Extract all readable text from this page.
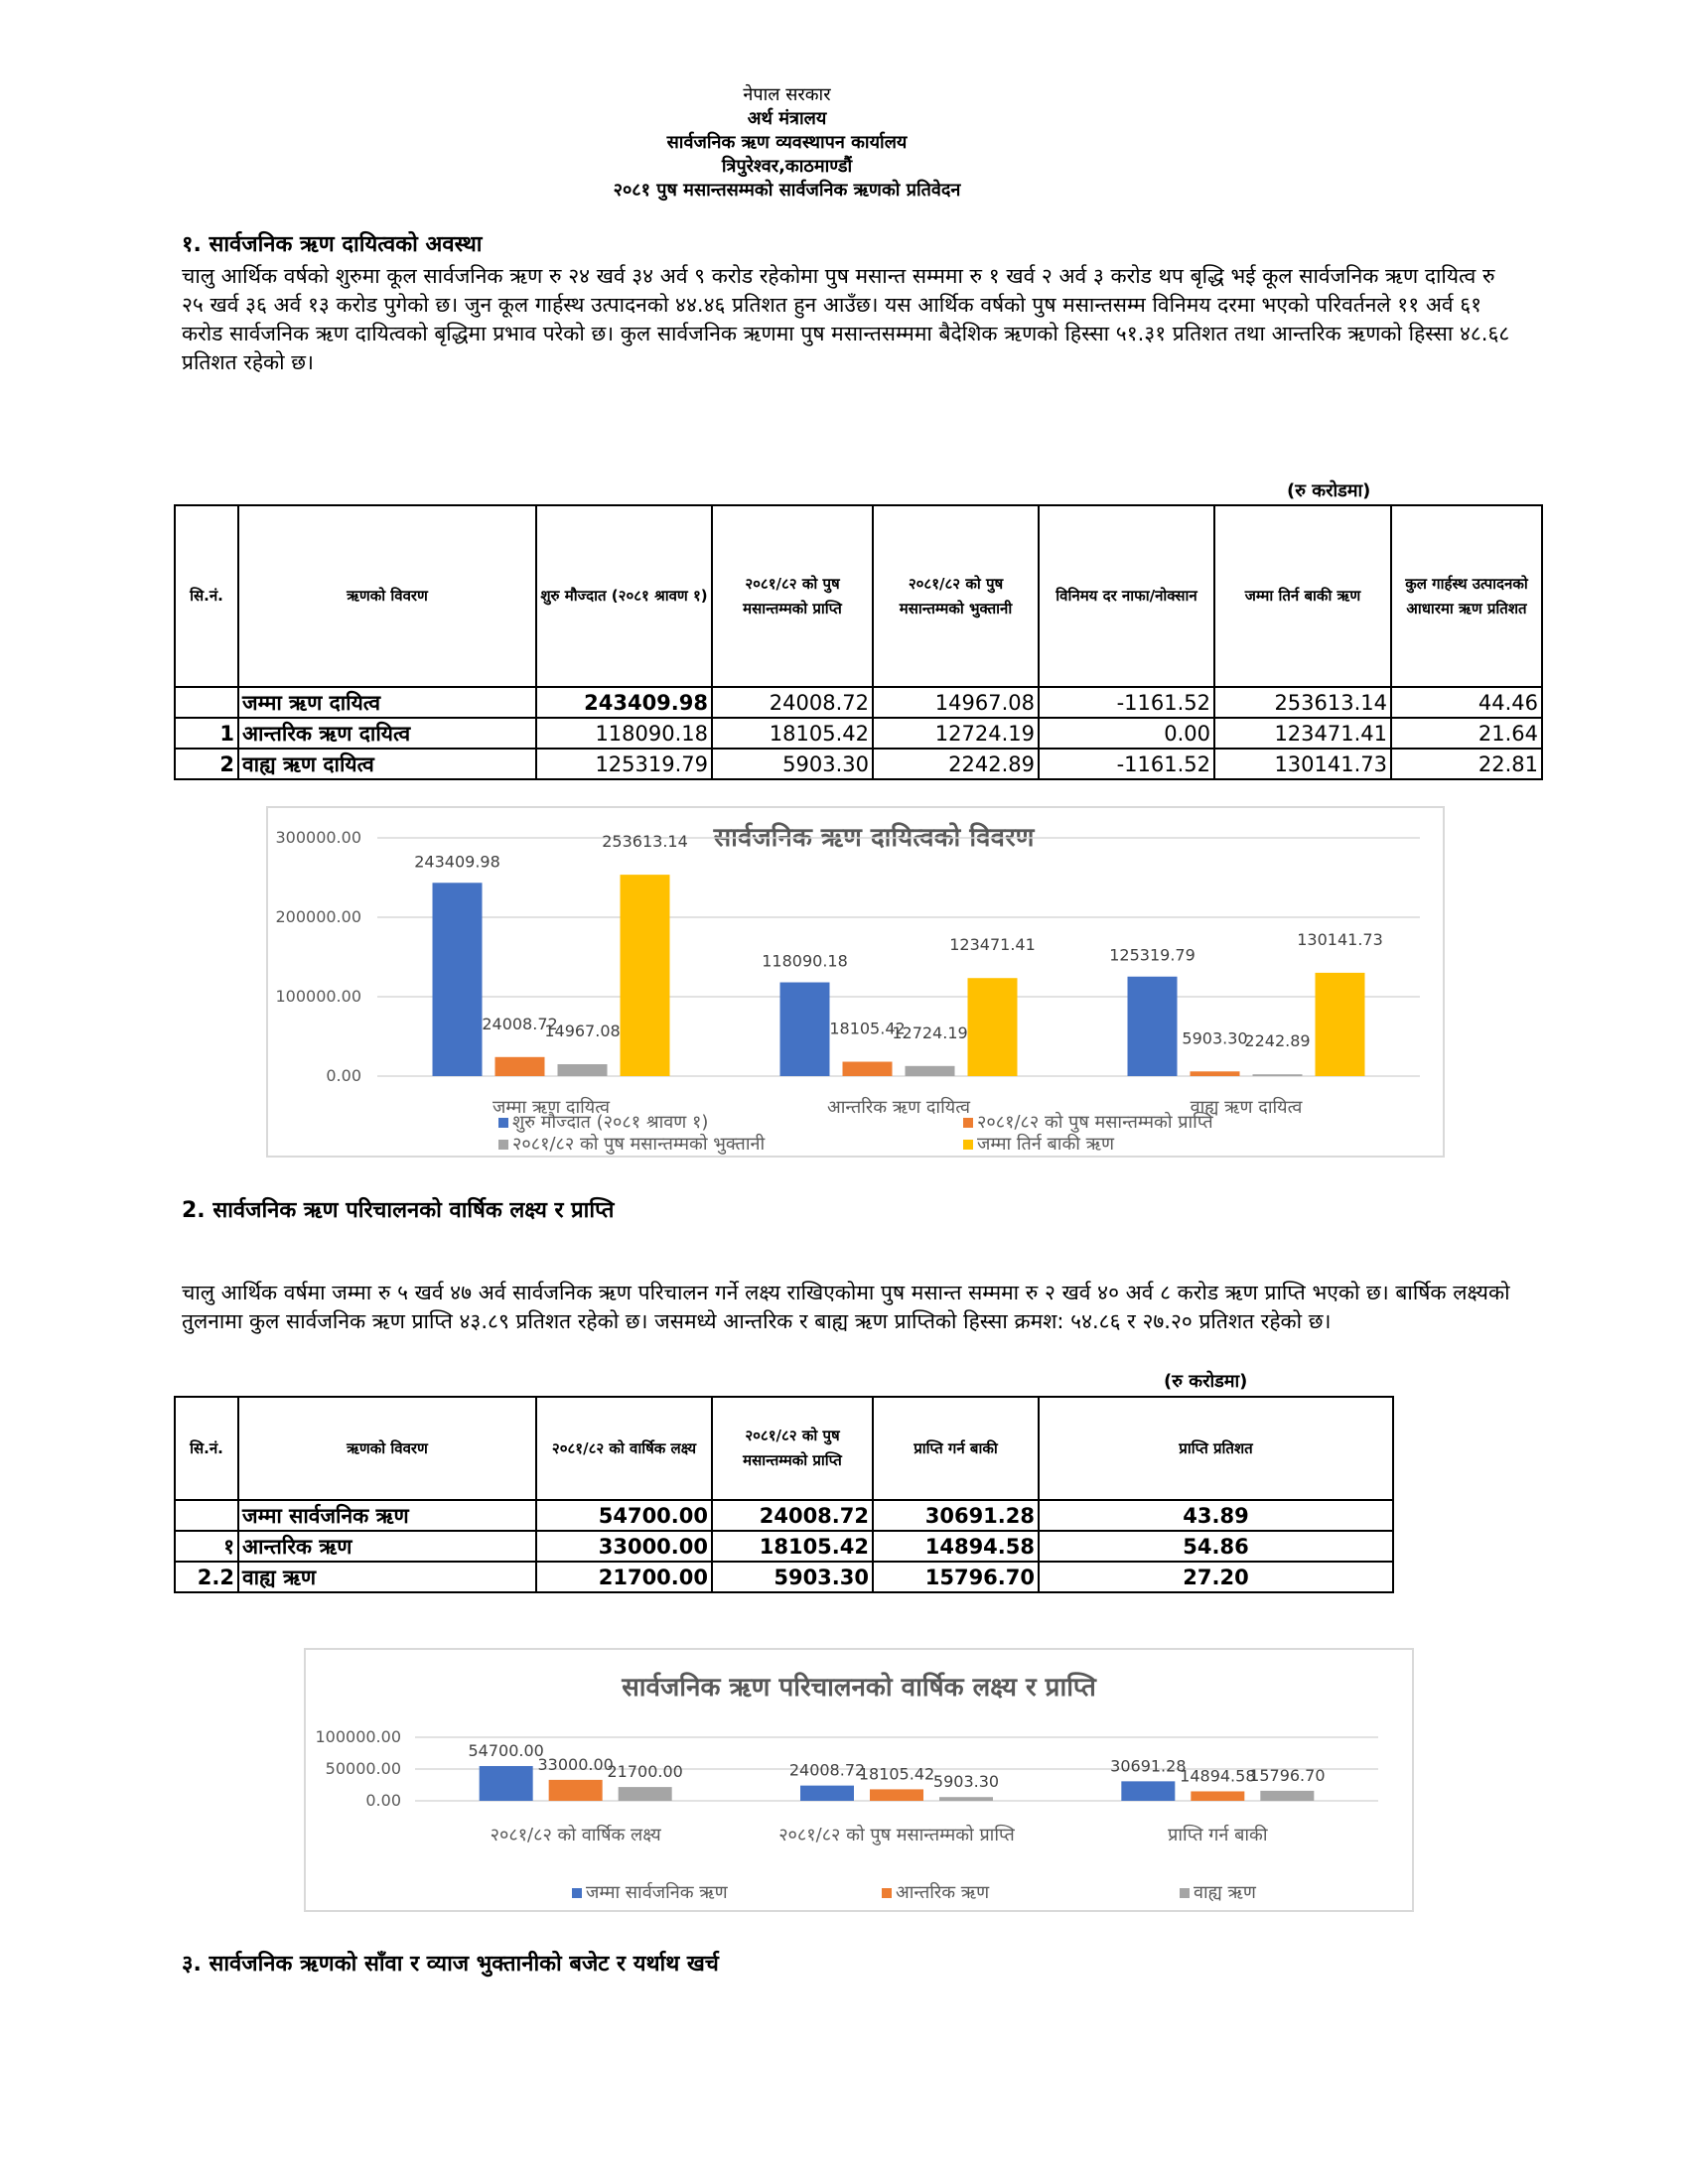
नेपाल सरकार
अर्थ मंत्रालय
सार्वजनिक ऋण व्यवस्थापन कार्यालय
त्रिपुरेश्वर,काठमाण्डौं
२०८१ पुष मसान्तसम्मको सार्वजनिक ऋणको प्रतिवेदन
१. सार्वजनिक ऋण दायित्वको अवस्था
चालु आर्थिक वर्षको शुरुमा कूल सार्वजनिक ऋण रु २४ खर्व ३४ अर्व ९ करोड रहेकोमा पुष मसान्त सम्ममा रु १ खर्व २ अर्व ३ करोड थप बृद्धि भई कूल सार्वजनिक ऋण दायित्व रु २५ खर्व ३६ अर्व १३ करोड पुगेको छ। जुन कूल गार्हस्थ उत्पादनको ४४.४६ प्रतिशत हुन आउँछ। यस आर्थिक वर्षको पुष मसान्तसम्म विनिमय दरमा भएको परिवर्तनले ११ अर्व ६१ करोड सार्वजनिक ऋण दायित्वको बृद्धिमा प्रभाव परेको छ। कुल सार्वजनिक ऋणमा पुष मसान्तसम्ममा बैदेशिक ऋणको हिस्सा ५१.३१ प्रतिशत तथा आन्तरिक ऋणको हिस्सा ४८.६८ प्रतिशत रहेको छ।
(रु करोडमा)
सि.नं.	ऋणको विवरण	शुरु मौज्दात (२०८१ श्रावण १)	२०८१/८२ को पुष मसान्तम्मको प्राप्ति	२०८१/८२ को पुष मसान्तम्मको भुक्तानी	विनिमय दर नाफा/नोक्सान	जम्मा तिर्न बाकी ऋण	कुल गार्हस्थ उत्पादनको आधारमा ऋण प्रतिशत
	जम्मा ऋण दायित्व	243409.98	24008.72	14967.08	-1161.52	253613.14	44.46
1	आन्तरिक ऋण दायित्व	118090.18	18105.42	12724.19	0.00	123471.41	21.64
2	वाह्य ऋण दायित्व	125319.79	5903.30	2242.89	-1161.52	130141.73	22.81
सार्वजनिक ऋण दायित्वको विवरण
0.00
100000.00
200000.00
300000.00
243409.98
24008.72
14967.08
253613.14
जम्मा ऋण दायित्व
118090.18
18105.42
12724.19
123471.41
आन्तरिक ऋण दायित्व
125319.79
5903.30
2242.89
130141.73
वाह्य ऋण दायित्व
शुरु मौज्दात (२०८१ श्रावण १)	२०८१/८२ को पुष मसान्तम्मको प्राप्ति
२०८१/८२ को पुष मसान्तम्मको भुक्तानी	जम्मा तिर्न बाकी ऋण
2. सार्वजनिक ऋण परिचालनको वार्षिक लक्ष्य र प्राप्ति
चालु आर्थिक वर्षमा जम्मा रु ५ खर्व ४७ अर्व सार्वजनिक ऋण परिचालन गर्ने लक्ष्य राखिएकोमा पुष मसान्त सम्ममा रु २ खर्व ४० अर्व ८ करोड ऋण प्राप्ति भएको छ। बार्षिक लक्ष्यको तुलनामा कुल सार्वजनिक ऋण प्राप्ति ४३.८९ प्रतिशत रहेको छ। जसमध्ये आन्तरिक र बाह्य ऋण प्राप्तिको हिस्सा क्रमश: ५४.८६ र २७.२० प्रतिशत रहेको छ।
(रु करोडमा)
सि.नं.	ऋणको विवरण	२०८१/८२ को वार्षिक लक्ष्य	२०८१/८२ को पुष मसान्तम्मको प्राप्ति	प्राप्ति गर्न बाकी	प्राप्ति प्रतिशत
	जम्मा सार्वजनिक ऋण	54700.00	24008.72	30691.28	43.89
१	आन्तरिक ऋण	33000.00	18105.42	14894.58	54.86
2.2	वाह्य ऋण	21700.00	5903.30	15796.70	27.20
सार्वजनिक ऋण परिचालनको वार्षिक लक्ष्य र प्राप्ति
0.00
50000.00
100000.00
54700.00
33000.00
21700.00
२०८१/८२ को वार्षिक लक्ष्य
24008.72
18105.42
5903.30
२०८१/८२ को पुष मसान्तम्मको प्राप्ति
30691.28
14894.58
15796.70
प्राप्ति गर्न बाकी
जम्मा सार्वजनिक ऋण	आन्तरिक ऋण	वाह्य ऋण
३. सार्वजनिक ऋणको साँवा र व्याज भुक्तानीको बजेट र यर्थाथ खर्च
